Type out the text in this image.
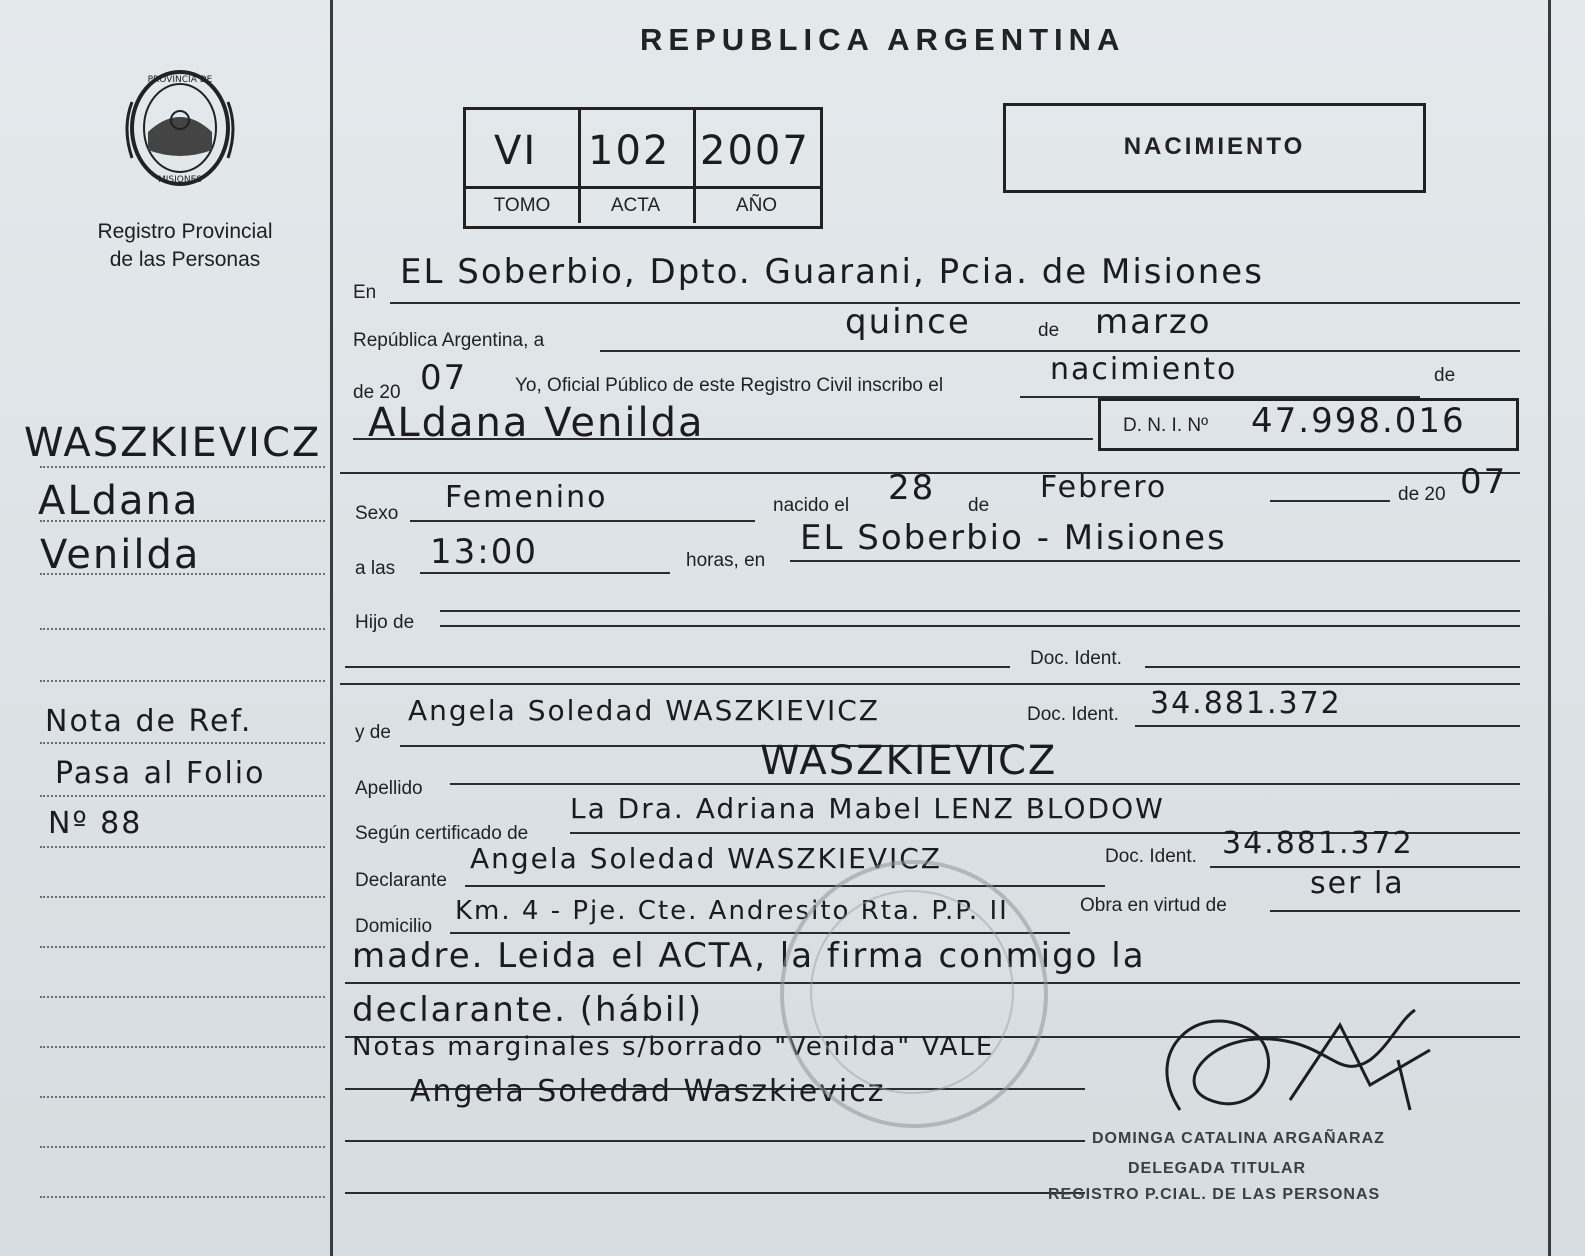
PROVINCIA DE
MISIONES
Registro Provincial
de las Personas
WASZKIEVICZ
ALdana
Venilda
Nota de Ref.
Pasa al Folio
Nº 88
REPUBLICA ARGENTINA
VI 102 2007
TOMO	ACTA	AÑO
NACIMIENTO
En
EL Soberbio, Dpto. Guarani, Pcia. de Misiones
República Argentina, a	quince	de marzo
de 20 07	Yo, Oficial Público de este Registro Civil inscribo el	nacimiento	de
ALdana Venilda	D. N. I. Nº 47.998.016
Sexo Femenino	nacido el 28 de
Febrero	de 20 07
a las 13:00	horas, en
EL Soberbio - Misiones
Hijo de
Doc. Ident.
y de
Angela Soledad WASZKIEVICZ	Doc. Ident. 34.881.372
Apellido
WASZKIEVICZ
Según certificado de
La Dra. Adriana Mabel LENZ BLODOW
Declarante
Angela Soledad WASZKIEVICZ	Doc. Ident. 34.881.372
Domicilio
Km. 4 - Pje. Cte. Andresito Rta. P.P. II	Obra en virtud de
ser la
madre. Leida el ACTA, la firma conmigo la
declarante. (hábil)
Notas marginales s/borrado "Venilda" VALE
Angela Soledad Waszkievicz
DOMINGA CATALINA ARGAÑARAZ
DELEGADA TITULAR
REGISTRO P.CIAL. DE LAS PERSONAS
